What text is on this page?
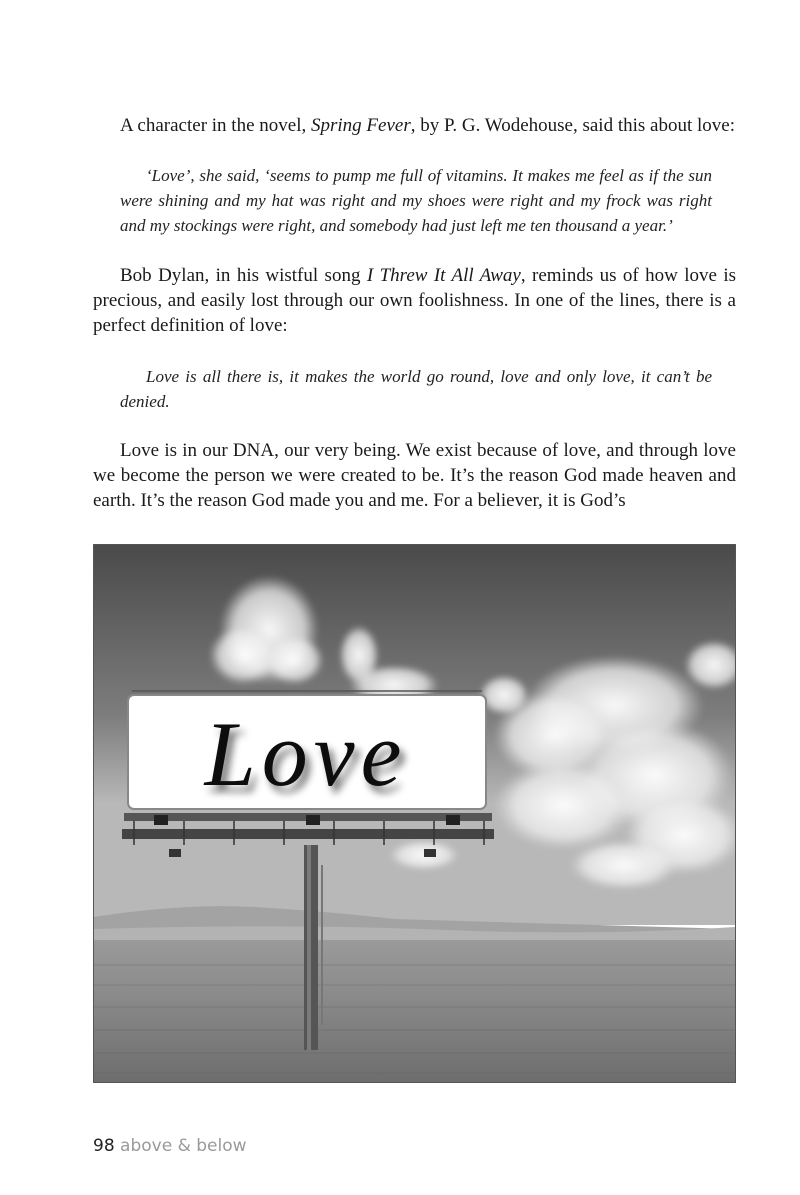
A character in the novel, Spring Fever, by P. G. Wodehouse, said this about love:

‘Love’, she said, ‘seems to pump me full of vitamins. It makes me feel as if the sun were shining and my hat was right and my shoes were right and my frock was right and my stockings were right, and somebody had just left me ten thousand a year.’

Bob Dylan, in his wistful song I Threw It All Away, reminds us of how love is precious, and easily lost through our own foolishness. In one of the lines, there is a perfect definition of love:

Love is all there is, it makes the world go round, love and only love, it can’t be denied.

Love is in our DNA, our very being. We exist because of love, and through love we become the person we were created to be. It’s the reason God made heaven and earth. It’s the reason God made you and me. For a believer, it is God’s

Love
98 above & below
